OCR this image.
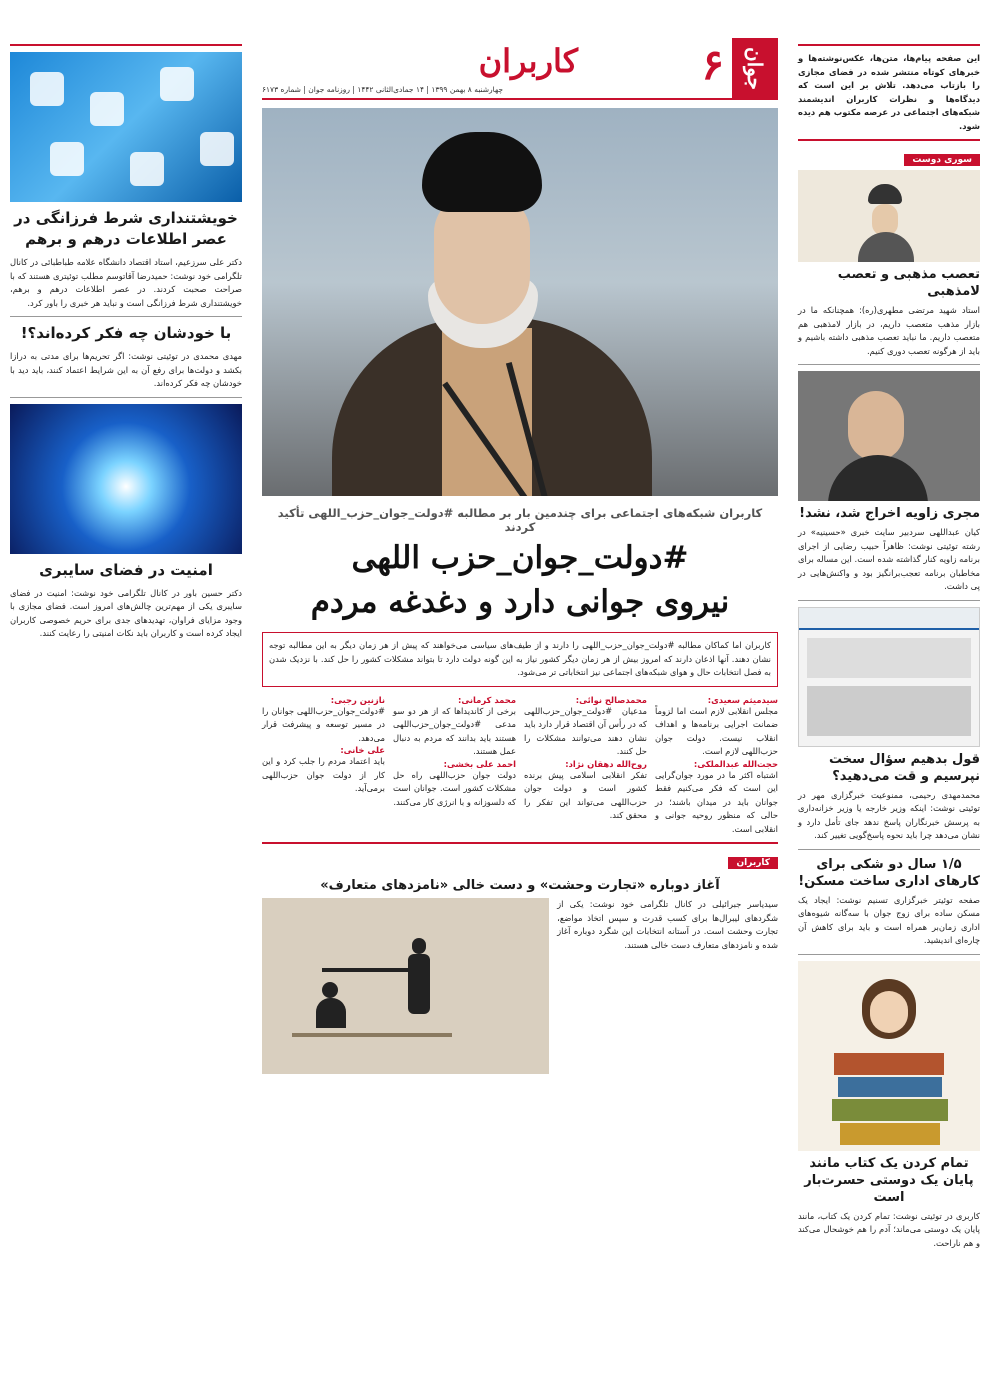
این صفحه پیام‌ها، متن‌ها، عکس‌نوشته‌ها و خبرهای کوتاه منتشر شده در فضای مجازی را بازتاب می‌دهد. تلاش بر این است که دیدگاه‌ها و نظرات کاربران اندیشمند شبکه‌های اجتماعی در عرصه مکتوب هم دیده شود.

سوری دوست
تعصب مذهبی و تعصب لامذهبی

استاد شهید مرتضی مطهری(ره): همچنانکه ما در بازار مذهب متعصب داریم، در بازار لامذهبی هم متعصب داریم. ما نباید تعصب مذهبی داشته باشیم و باید از هرگونه تعصب دوری کنیم.

مجری زاویه اخراج شد، نشد!

کیان عبداللهی سردبیر سایت خبری «حسینیه» در رشته توئیتی نوشت: ظاهراً حبیب رضایی از اجرای برنامه زاویه کنار گذاشته شده است. این مساله برای مخاطبان برنامه تعجب‌برانگیز بود و واکنش‌هایی در پی داشت.

قول بدهیم سؤال سخت نپرسیم و قت می‌دهید؟

محمدمهدی رحیمی، ممنوعیت خبرگزاری مهر در توئیتی نوشت: اینکه وزیر خارجه یا وزیر خزانه‌داری به پرسش خبرنگاران پاسخ ندهد جای تأمل دارد و نشان می‌دهد چرا باید نحوه پاسخ‌گویی تغییر کند.

۱/۵ سال دو شکی برای کارهای اداری ساخت مسکن!

صفحه توئیتر خبرگزاری تسنیم نوشت: ایجاد یک مسکن ساده برای زوج جوان با سه‌گانه شیوه‌های اداری زمان‌بر همراه است و باید برای کاهش آن چاره‌ای اندیشید.

تمام کردن یک کتاب مانند پایان یک دوستی حسرت‌بار است

کاربری در توئیتی نوشت: تمام کردن یک کتاب، مانند پایان یک دوستی می‌ماند؛ آدم را هم خوشحال می‌کند و هم ناراحت.

جوان
۶
کاربران
چهارشنبه ۸ بهمن ۱۳۹۹ | ۱۴ جمادی‌الثانی ۱۴۴۲ | روزنامه جوان | شماره ۶۱۷۳
کاربران شبکه‌های اجتماعی برای چندمین بار بر مطالبه #دولت_جوان_حزب_اللهی تأکید کردند
#دولت_جوان_حزب اللهی
نیروی جوانی دارد و دغدغه مردم

کاربران اما کماکان مطالبه #دولت_جوان_حزب_اللهی را دارند و از طیف‌های سیاسی می‌خواهند که پیش از هر زمان دیگر به این مطالبه توجه نشان دهند. آنها اذعان دارند که امروز بیش از هر زمان دیگر کشور نیاز به این گونه دولت دارد تا بتواند مشکلات کشور را حل کند. با نزدیک شدن به فصل انتخابات حال و هوای شبکه‌های اجتماعی نیز انتخاباتی تر می‌شود.

سیدمیثم سعیدی:

مجلس انقلابی لازم است اما لزوماً ضمانت اجرایی برنامه‌ها و اهداف انقلاب نیست. دولت جوان حزب‌اللهی لازم است.

حجت‌الله عبدالملکی:

اشتباه اکثر ما در مورد جوان‌گرایی این است که فکر می‌کنیم فقط جوانان باید در میدان باشند؛ در حالی که منظور روحیه جوانی و انقلابی است.

محمدصالح نوائی:

مدعیان #دولت_جوان_حزب‌اللهی که در رأس آن اقتصاد قرار دارد باید نشان دهند می‌توانند مشکلات را حل کنند.

روح‌الله دهقان نژاد:

تفکر انقلابی اسلامی پیش برنده کشور است و دولت جوان حزب‌اللهی می‌تواند این تفکر را محقق کند.

محمد کرمانی:

برخی از کاندیداها که از هر دو سو مدعی #دولت_جوان_حزب‌اللهی هستند باید بدانند که مردم به دنبال عمل هستند.

احمد علی بخشی:

دولت جوان حزب‌اللهی راه حل مشکلات کشور است. جوانان است که دلسوزانه و با انرژی کار می‌کنند.

نازنین رجبی:

#دولت_جوان_حزب‌اللهی جوانان را در مسیر توسعه و پیشرفت قرار می‌دهد.

علی خانی:

باید اعتماد مردم را جلب کرد و این کار از دولت جوان حزب‌اللهی برمی‌آید.

کاربران
آغاز دوباره «تجارت وحشت» و دست خالی «نامزدهای متعارف»

سیدیاسر جبرائیلی در کانال تلگرامی خود نوشت: یکی از شگردهای لیبرال‌ها برای کسب قدرت و سپس اتخاذ مواضع، تجارت وحشت است. در آستانه انتخابات این شگرد دوباره آغاز شده و نامزدهای متعارف دست خالی هستند.

خویشتنداری شرط فرزانگی در عصر اطلاعات درهم و برهم

دکتر علی سرزعیم، استاد اقتصاد دانشگاه علامه طباطبائی در کانال تلگرامی خود نوشت: حمیدرضا آقاتوسم مطلب توئیتری هستند که با صراحت صحبت کردند. در عصر اطلاعات درهم و برهم، خویشتنداری شرط فرزانگی است و نباید هر خبری را باور کرد.

با خودشان چه فکر کرده‌اند؟!

مهدی محمدی در توئیتی نوشت: اگر تحریم‌ها برای مدتی به درازا بکشد و دولت‌ها برای رفع آن به این شرایط اعتماد کنند، باید دید با خودشان چه فکر کرده‌اند.

امنیت در فضای سایبری

دکتر حسین باور در کانال تلگرامی خود نوشت: امنیت در فضای سایبری یکی از مهم‌ترین چالش‌های امروز است. فضای مجازی با وجود مزایای فراوان، تهدیدهای جدی برای حریم خصوصی کاربران ایجاد کرده است و کاربران باید نکات امنیتی را رعایت کنند.
